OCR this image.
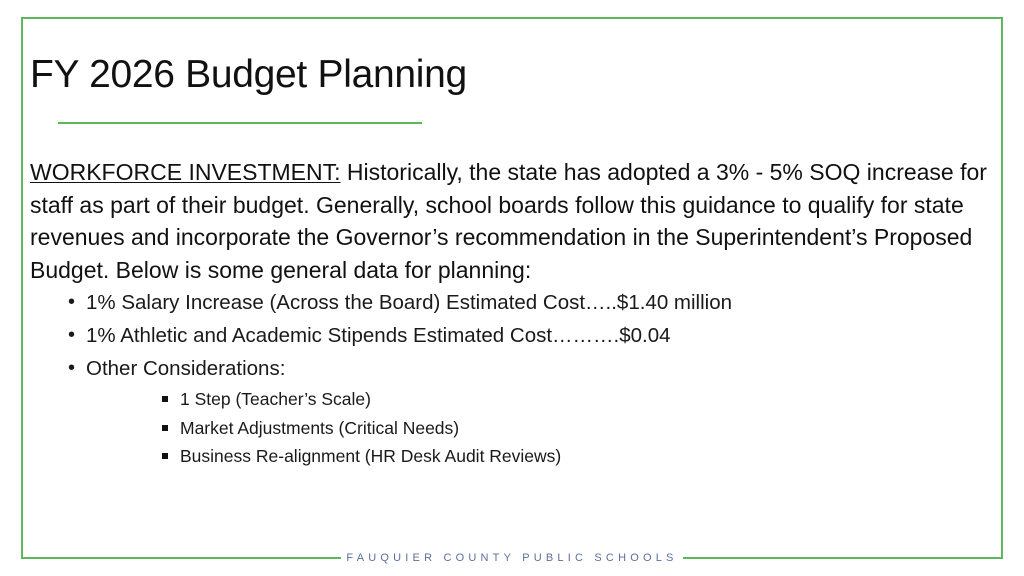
FY 2026 Budget Planning

WORKFORCE INVESTMENT: Historically, the state has adopted a 3% - 5% SOQ increase for staff as part of their budget. Generally, school boards follow this guidance to qualify for state revenues and incorporate the Governor’s recommendation in the Superintendent’s Proposed Budget. Below is some general data for planning:

• 1% Salary Increase (Across the Board) Estimated Cost…..$1.40 million
• 1% Athletic and Academic Stipends Estimated Cost……….$0.04
• Other Considerations:
1 Step (Teacher’s Scale)
Market Adjustments (Critical Needs)
Business Re-alignment (HR Desk Audit Reviews)
FAUQUIER COUNTY PUBLIC SCHOOLS
